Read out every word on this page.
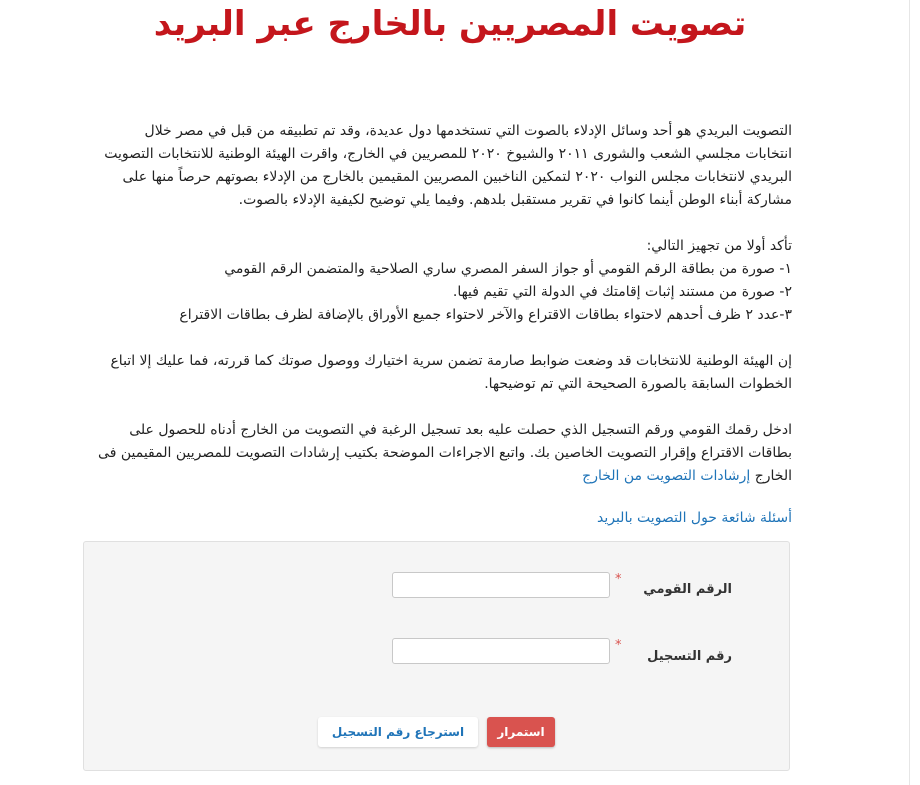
تصويت المصريين بالخارج عبر البريد

التصويت البريدي هو أحد وسائل الإدلاء بالصوت التي تستخدمها دول عديدة، وقد تم تطبيقه من قبل في مصر خلال انتخابات مجلسي الشعب والشورى ٢٠١١ والشيوخ ٢٠٢٠ للمصريين في الخارج، واقرت الهيئة الوطنية للانتخابات التصويت البريدي لانتخابات مجلس النواب ٢٠٢٠ لتمكين الناخبين المصريين المقيمين بالخارج من الإدلاء بصوتهم حرصاً منها على مشاركة أبناء الوطن أينما كانوا في تقرير مستقبل بلدهم. وفيما يلي توضيح لكيفية الإدلاء بالصوت.

تأكد أولا من تجهيز التالي:
١- صورة من بطاقة الرقم القومي أو جواز السفر المصري ساري الصلاحية والمتضمن الرقم القومي
٢- صورة من مستند إثبات إقامتك في الدولة التي تقيم فيها.
٣-عدد ٢ ظرف أحدهم لاحتواء بطاقات الاقتراع والآخر لاحتواء جميع الأوراق بالإضافة لظرف بطاقات الاقتراع

إن الهيئة الوطنية للانتخابات قد وضعت ضوابط صارمة تضمن سرية اختيارك ووصول صوتك كما قررته، فما عليك إلا اتباع الخطوات السابقة بالصورة الصحيحة التي تم توضيحها.

ادخل رقمك القومي ورقم التسجيل الذي حصلت عليه بعد تسجيل الرغبة في التصويت من الخارج أدناه للحصول على بطاقات الاقتراع وإقرار التصويت الخاصين بك. واتبع الاجراءات الموضحة بكتيب إرشادات التصويت للمصريين المقيمين فى الخارج إرشادات التصويت من الخارج

أسئلة شائعة حول التصويت بالبريد
الرقم القومي
*
رقم التسجيل
*
استمرار
استرجاع رقم التسجيل
